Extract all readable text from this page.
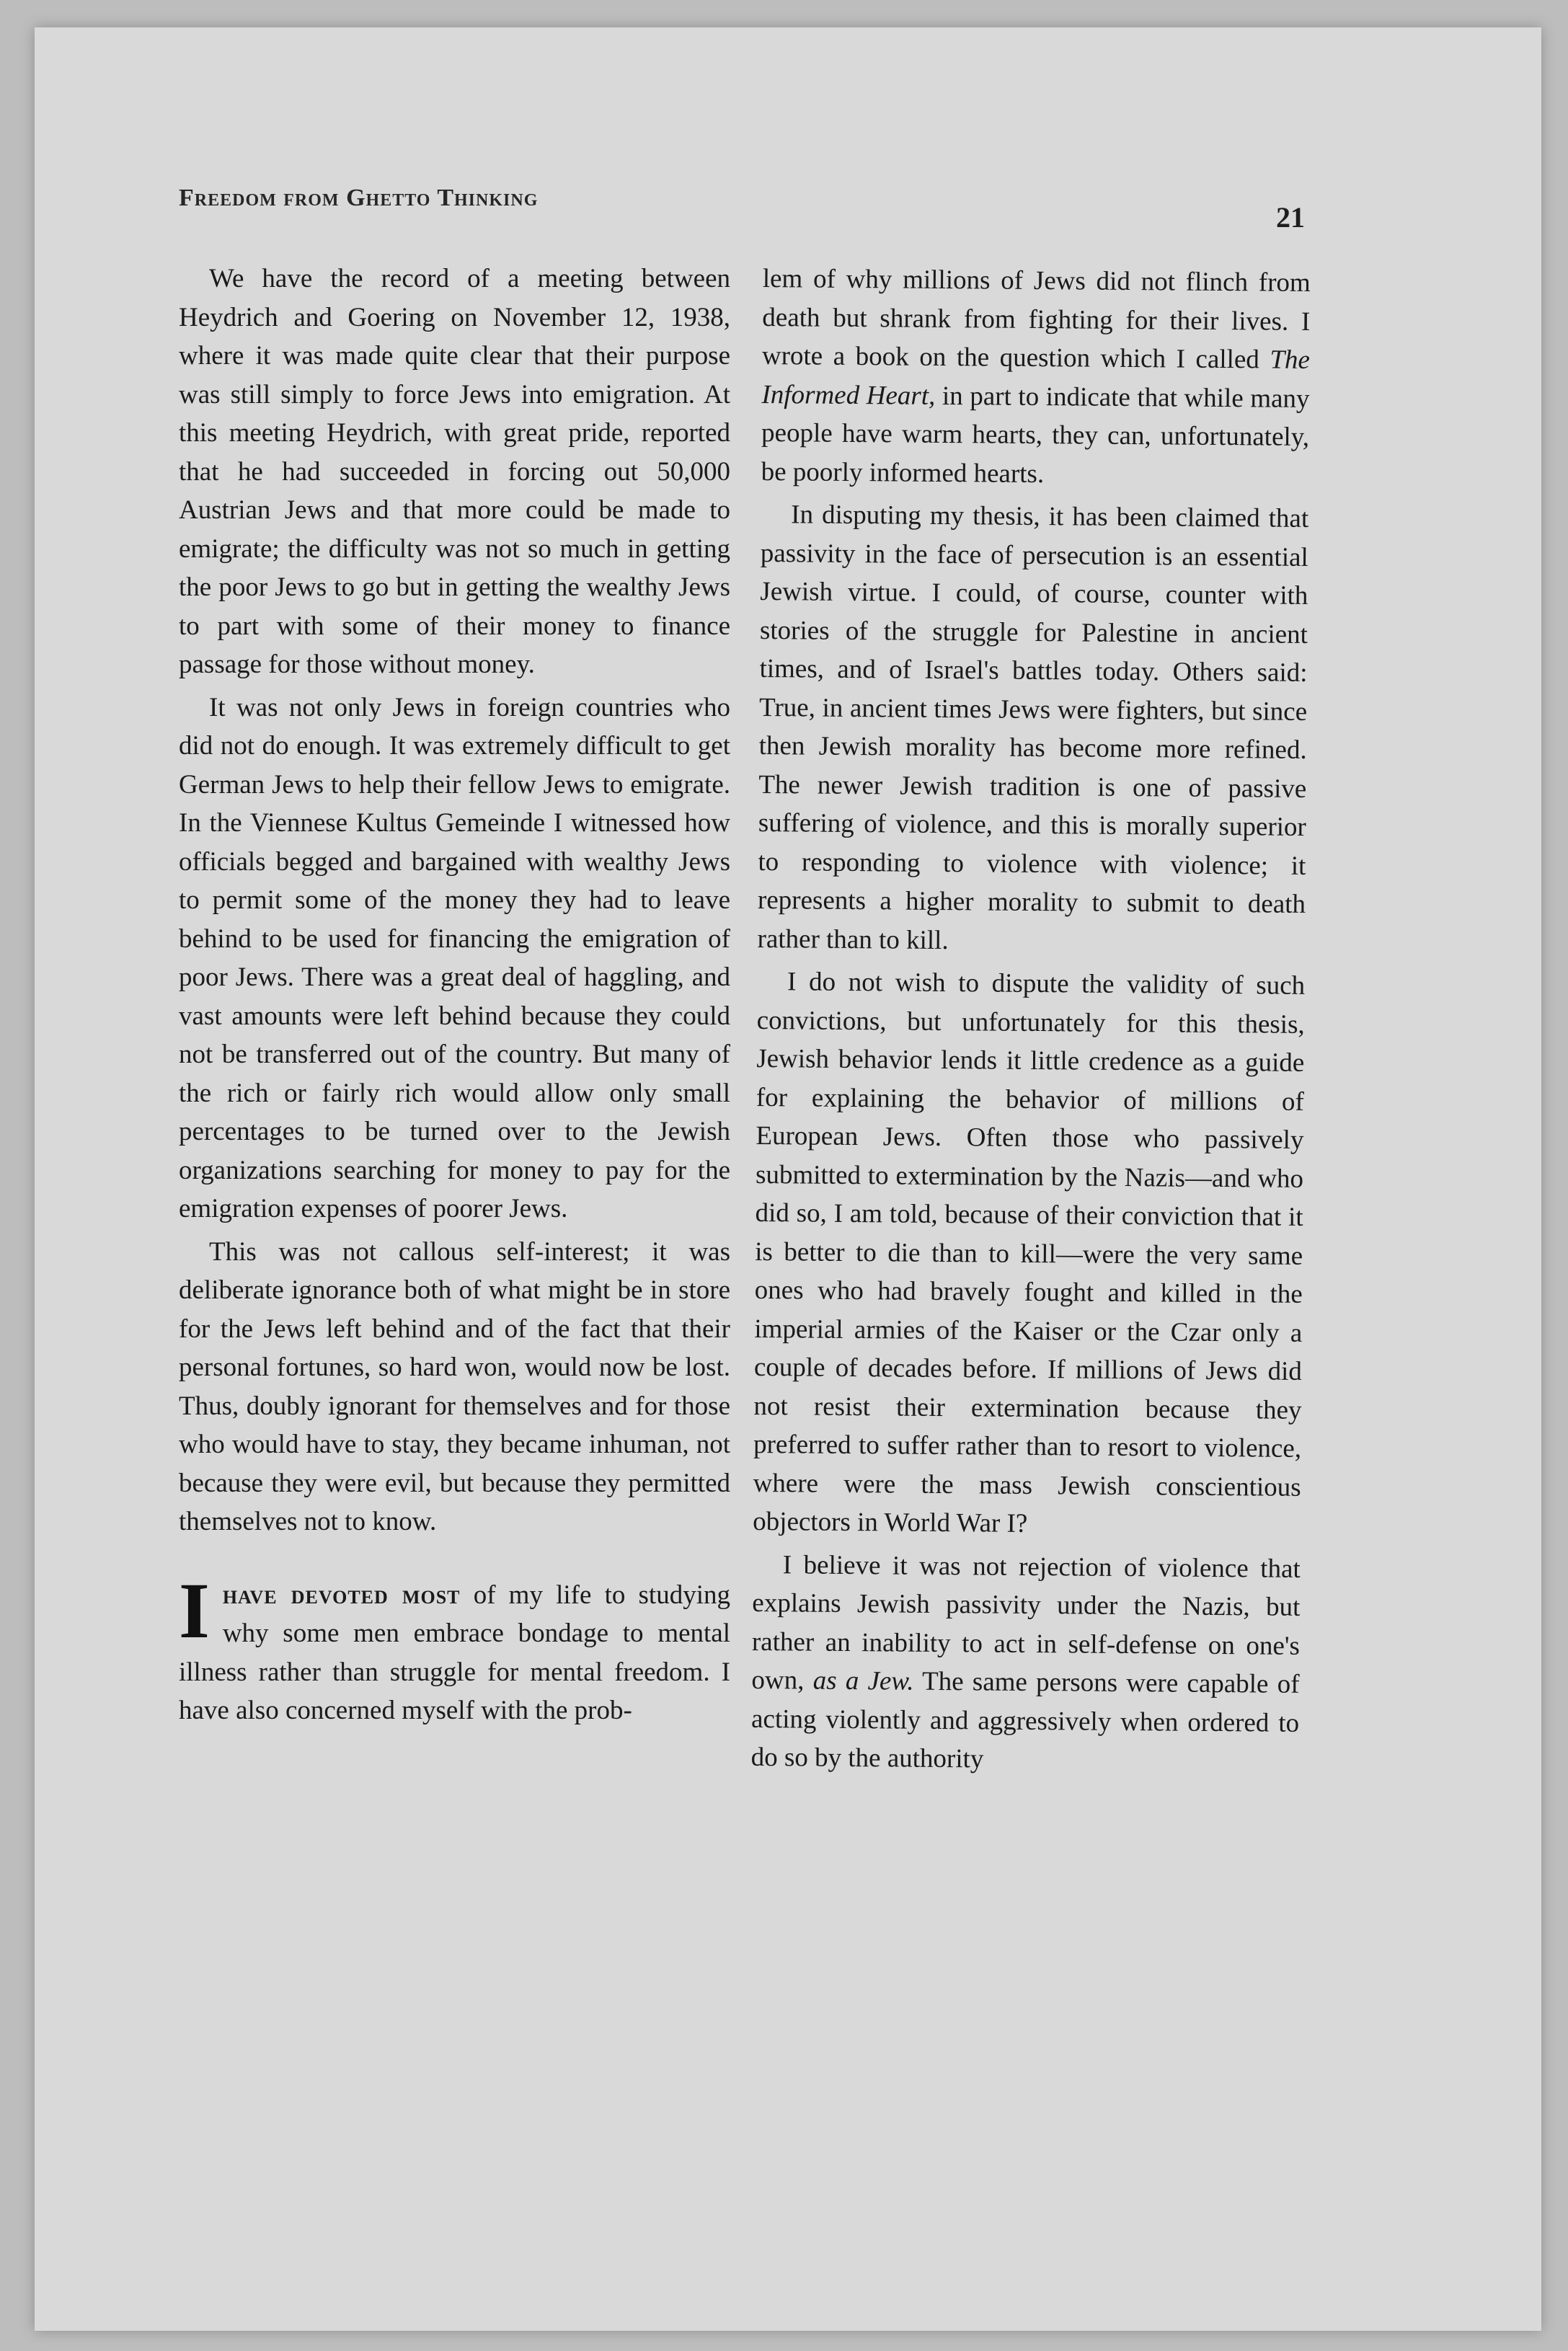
Freedom from Ghetto Thinking
21

We have the record of a meeting between Heydrich and Goering on November 12, 1938, where it was made quite clear that their purpose was still simply to force Jews into emigration. At this meeting Heydrich, with great pride, reported that he had succeeded in forcing out 50,000 Austrian Jews and that more could be made to emigrate; the difficulty was not so much in getting the poor Jews to go but in getting the wealthy Jews to part with some of their money to finance passage for those without money.

It was not only Jews in foreign countries who did not do enough. It was extremely difficult to get German Jews to help their fellow Jews to emigrate. In the Viennese Kultus Gemeinde I witnessed how officials begged and bargained with wealthy Jews to permit some of the money they had to leave behind to be used for financing the emigration of poor Jews. There was a great deal of haggling, and vast amounts were left behind because they could not be transferred out of the country. But many of the rich or fairly rich would allow only small percentages to be turned over to the Jewish organizations searching for money to pay for the emigration expenses of poorer Jews.

This was not callous self-interest; it was deliberate ignorance both of what might be in store for the Jews left behind and of the fact that their personal fortunes, so hard won, would now be lost. Thus, doubly ignorant for themselves and for those who would have to stay, they became inhuman, not because they were evil, but because they permitted themselves not to know.

Ihave devoted most of my life to studying why some men embrace bondage to mental illness rather than struggle for mental freedom. I have also concerned myself with the prob-

lem of why millions of Jews did not flinch from death but shrank from fighting for their lives. I wrote a book on the question which I called The Informed Heart, in part to indicate that while many people have warm hearts, they can, unfortunately, be poorly informed hearts.

In disputing my thesis, it has been claimed that passivity in the face of persecution is an essential Jewish virtue. I could, of course, counter with stories of the struggle for Palestine in ancient times, and of Israel's battles today. Others said: True, in ancient times Jews were fighters, but since then Jewish morality has become more refined. The newer Jewish tradition is one of passive suffering of violence, and this is morally superior to responding to violence with violence; it represents a higher morality to submit to death rather than to kill.

I do not wish to dispute the validity of such convictions, but unfortunately for this thesis, Jewish behavior lends it little credence as a guide for explaining the behavior of millions of European Jews. Often those who passively submitted to extermination by the Nazis—and who did so, I am told, because of their conviction that it is better to die than to kill—were the very same ones who had bravely fought and killed in the imperial armies of the Kaiser or the Czar only a couple of decades before. If millions of Jews did not resist their extermination because they preferred to suffer rather than to resort to violence, where were the mass Jewish conscientious objectors in World War I?

I believe it was not rejection of violence that explains Jewish passivity under the Nazis, but rather an inability to act in self-defense on one's own, as a Jew. The same persons were capable of acting violently and aggressively when ordered to do so by the authority
